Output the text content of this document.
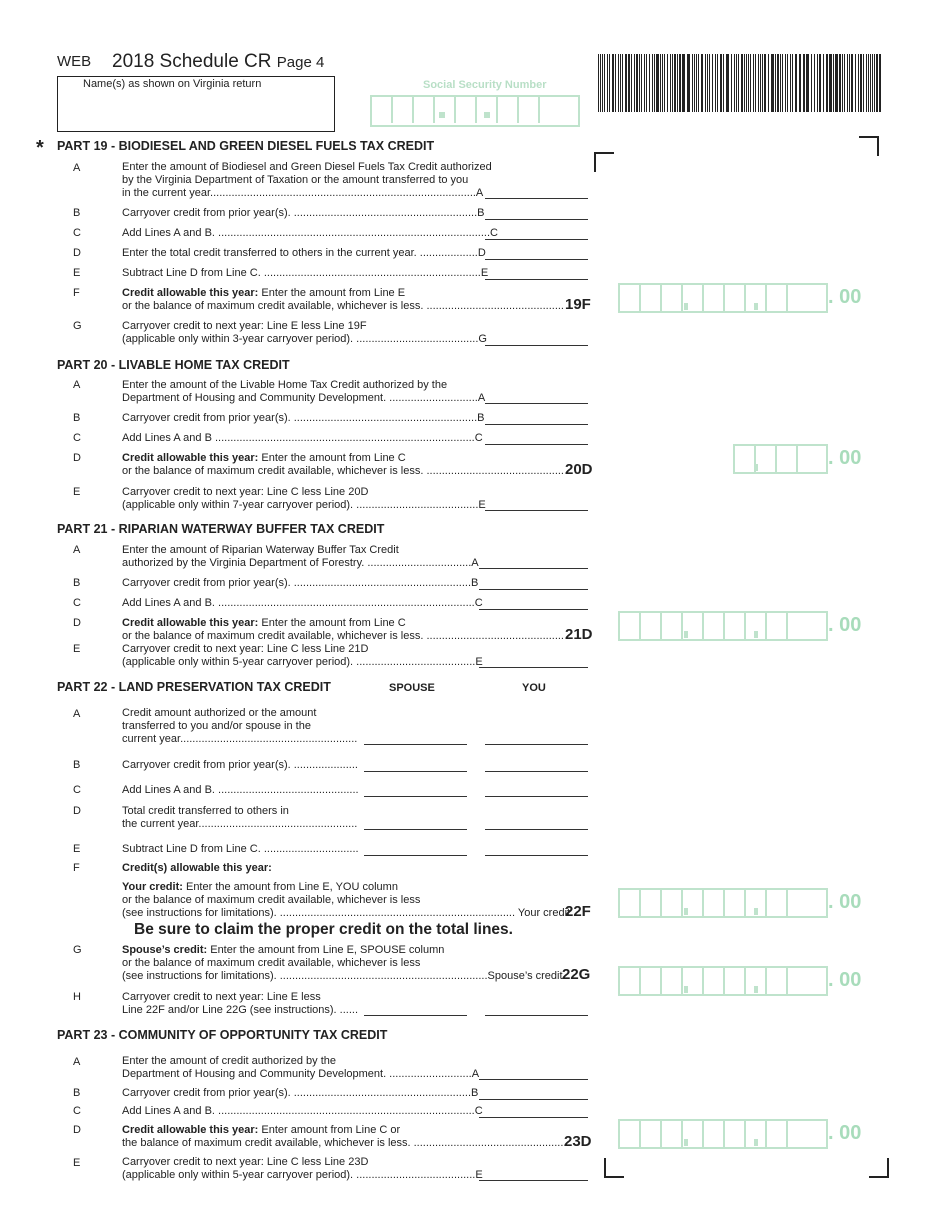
WEB 2018 Schedule CR Page 4
Name(s) as shown on Virginia return	Social Security Number
* PART 19 - BIODIESEL AND GREEN DIESEL FUELS TAX CREDIT
A	Enter the amount of Biodiesel and Green Diesel Fuels Tax Credit authorized
by the Virginia Department of Taxation or the amount transferred to you
in the current year.......................................................................................A
B	Carryover credit from prior year(s). ............................................................B
C	Add Lines A and B. .........................................................................................C
D	Enter the total credit transferred to others in the current year. ...................D
E	Subtract Line D from Line C. .......................................................................E
F	Credit allowable this year: Enter the amount from Line E
or the balance of maximum credit available, whichever is less. ............................................. 19F	. 00
G	Carryover credit to next year: Line E less Line 19F
(applicable only within 3-year carryover period). ........................................G
PART 20 - LIVABLE HOME TAX CREDIT
A	Enter the amount of the Livable Home Tax Credit authorized by the
Department of Housing and Community Development. .............................A
B	Carryover credit from prior year(s). ............................................................B
C	Add Lines A and B .....................................................................................C
D	Credit allowable this year: Enter the amount from Line C
or the balance of maximum credit available, whichever is less. ............................................. 20D
. 00
E	Carryover credit to next year: Line C less Line 20D
(applicable only within 7-year carryover period). ........................................E
PART 21 - RIPARIAN WATERWAY BUFFER TAX CREDIT
A	Enter the amount of Riparian Waterway Buffer Tax Credit
authorized by the Virginia Department of Forestry. ..................................A
B	Carryover credit from prior year(s). ..........................................................B
C	Add Lines A and B. ....................................................................................C
D	Credit allowable this year: Enter the amount from Line C
or the balance of maximum credit available, whichever is less. ............................................. 21D	. 00
E	Carryover credit to next year: Line C less Line 21D
(applicable only within 5-year carryover period). .......................................E
PART 22 - LAND PRESERVATION TAX CREDIT	SPOUSE	YOU
A	Credit amount authorized or the amount
transferred to you and/or spouse in the
current year..........................................................
B	Carryover credit from prior year(s). .....................
C	Add Lines A and B. ..............................................
D	Total credit transferred to others in
the current year....................................................
E	Subtract Line D from Line C. ...............................
F	Credit(s) allowable this year:
Your credit: Enter the amount from Line E, YOU column
or the balance of maximum credit available, whichever is less
(see instructions for limitations). ............................................................................. Your credit
22F	. 00
Be sure to claim the proper credit on the total lines.
G	Spouse’s credit: Enter the amount from Line E, SPOUSE column
or the balance of maximum credit available, whichever is less
(see instructions for limitations). ....................................................................Spouse’s credit 22G	. 00
H	Carryover credit to next year: Line E less
Line 22F and/or Line 22G (see instructions). ......
PART 23 - COMMUNITY OF OPPORTUNITY TAX CREDIT
A	Enter the amount of credit authorized by the
Department of Housing and Community Development. ...........................A
B	Carryover credit from prior year(s). ..........................................................B
C	Add Lines A and B. ....................................................................................C
D	Credit allowable this year: Enter amount from Line C or
the balance of maximum credit available, whichever is less. ..................................................
23D	. 00
E	Carryover credit to next year: Line C less Line 23D
(applicable only within 5-year carryover period). .......................................E
